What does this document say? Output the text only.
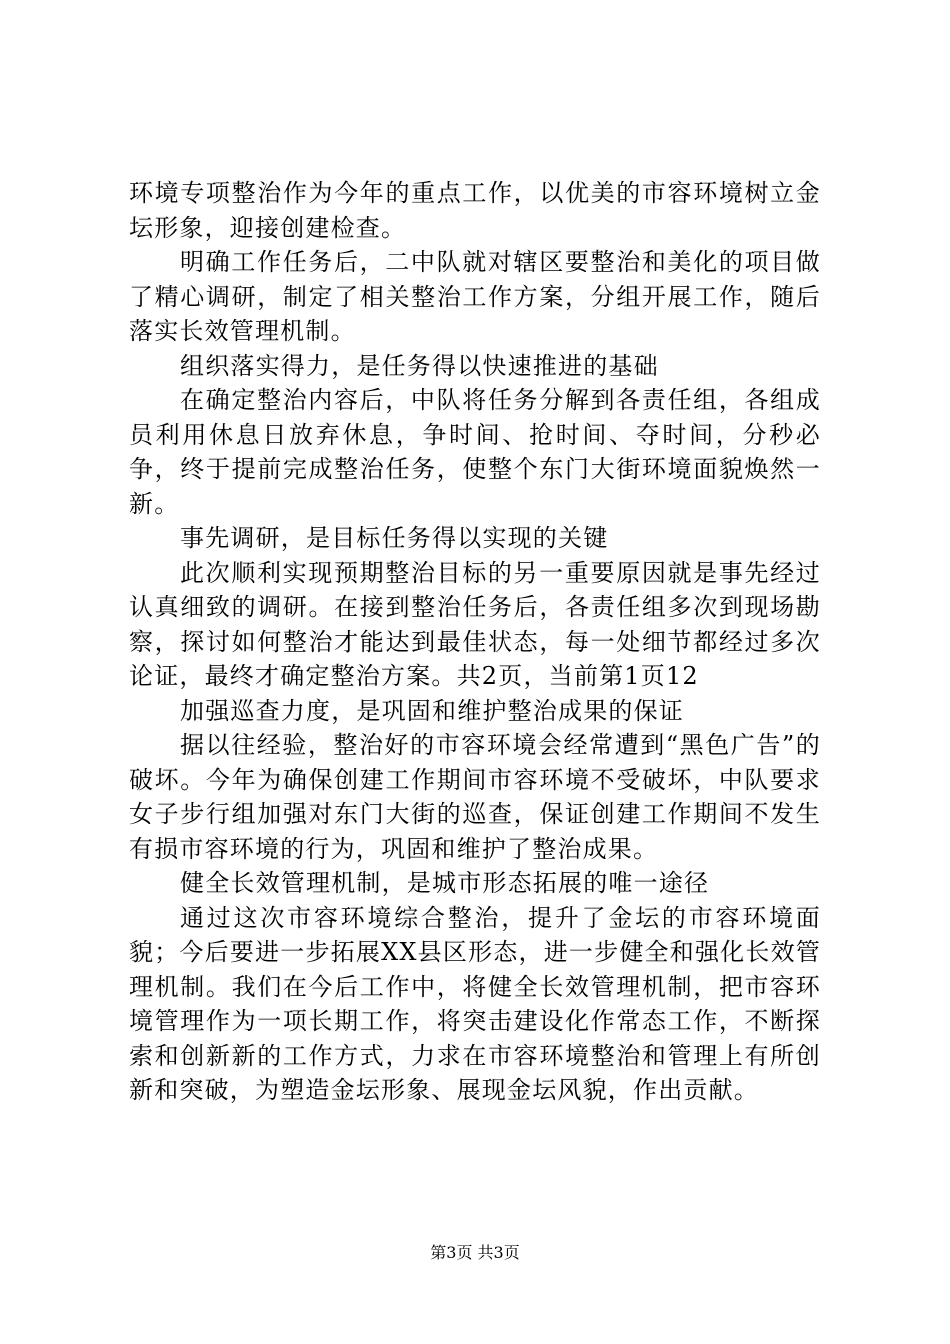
环境专项整治作为今年的重点工作，以优美的市容环境树立金坛形象，迎接创建检查。

明确工作任务后，二中队就对辖区要整治和美化的项目做了精心调研，制定了相关整治工作方案，分组开展工作，随后落实长效管理机制。

组织落实得力，是任务得以快速推进的基础

在确定整治内容后，中队将任务分解到各责任组，各组成员利用休息日放弃休息，争时间、抢时间、夺时间，分秒必争，终于提前完成整治任务，使整个东门大街环境面貌焕然一新。

事先调研，是目标任务得以实现的关键

此次顺利实现预期整治目标的另一重要原因就是事先经过认真细致的调研。在接到整治任务后，各责任组多次到现场勘察，探讨如何整治才能达到最佳状态，每一处细节都经过多次论证，最终才确定整治方案。共2页，当前第1页12

加强巡查力度，是巩固和维护整治成果的保证

据以往经验，整治好的市容环境会经常遭到“黑色广告”的破坏。今年为确保创建工作期间市容环境不受破坏，中队要求女子步行组加强对东门大街的巡查，保证创建工作期间不发生有损市容环境的行为，巩固和维护了整治成果。

健全长效管理机制，是城市形态拓展的唯一途径

通过这次市容环境综合整治，提升了金坛的市容环境面貌；今后要进一步拓展XX县区形态，进一步健全和强化长效管理机制。我们在今后工作中，将健全长效管理机制，把市容环境管理作为一项长期工作，将突击建设化作常态工作，不断探索和创新新的工作方式，力求在市容环境整治和管理上有所创新和突破，为塑造金坛形象、展现金坛风貌，作出贡献。

第3页 共3页
